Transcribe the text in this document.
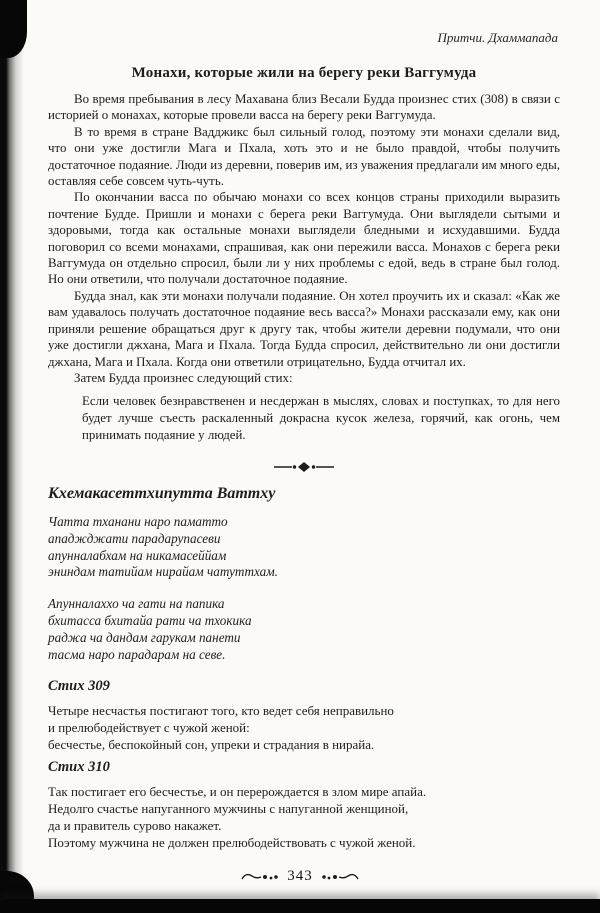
Притчи. Дхаммапада
Монахи, которые жили на берегу реки Ваггумуда

Во время пребывания в лесу Махавана близ Весали Будда произнес стих (308) в связи с историей о монахах, которые провели васса на берегу реки Ваггумуда.

В то время в стране Вадджикс был сильный голод, поэтому эти монахи сделали вид, что они уже достигли Мага и Пхала, хоть это и не было правдой, чтобы получить достаточное подаяние. Люди из деревни, поверив им, из уважения предлагали им много еды, оставляя себе совсем чуть-чуть.

По окончании васса по обычаю монахи со всех концов страны приходили выразить почтение Будде. Пришли и монахи с берега реки Ваггумуда. Они выглядели сытыми и здоровыми, тогда как остальные монахи выглядели бледными и исхудавшими. Будда поговорил со всеми монахами, спрашивая, как они пережили васса. Монахов с берега реки Ваггумуда он отдельно спросил, были ли у них проблемы с едой, ведь в стране был голод. Но они ответили, что получали достаточное подаяние.

Будда знал, как эти монахи получали подаяние. Он хотел проучить их и сказал: «Как же вам удавалось получать достаточное подаяние весь васса?» Монахи рассказали ему, как они приняли решение обращаться друг к другу так, чтобы жители деревни подумали, что они уже достигли джхана, Мага и Пхала. Тогда Будда спросил, действительно ли они достигли джхана, Мага и Пхала. Когда они ответили отрицательно, Будда отчитал их.

Затем Будда произнес следующий стих:

Если человек безнравственен и несдержан в мыслях, словах и поступках, то для него будет лучше съесть раскаленный докрасна кусок железа, горячий, как огонь, чем принимать подаяние у людей.
Кхемакасеттхипутта Ваттху
Чатта тханани наро паматто
ападжджати парадарупасеви
апунналабхам на никамасеййам
эниндам татийам нирайам чатуттхам.
Апунналаххо ча гати на папика
бхитасса бхитайа рати ча тхокика
раджа ча дандам гарукам панети
тасма наро парадарам на севе.
Стих 309
Четыре несчастья постигают того, кто ведет себя неправильно
и прелюбодействует с чужой женой:
бесчестье, беспокойный сон, упреки и страдания в нирайа.
Стих 310
Так постигает его бесчестье, и он перерождается в злом мире апайа.
Недолго счастье напуганного мужчины с напуганной женщиной,
да и правитель сурово накажет.
Поэтому мужчина не должен прелюбодействовать с чужой женой.
343
